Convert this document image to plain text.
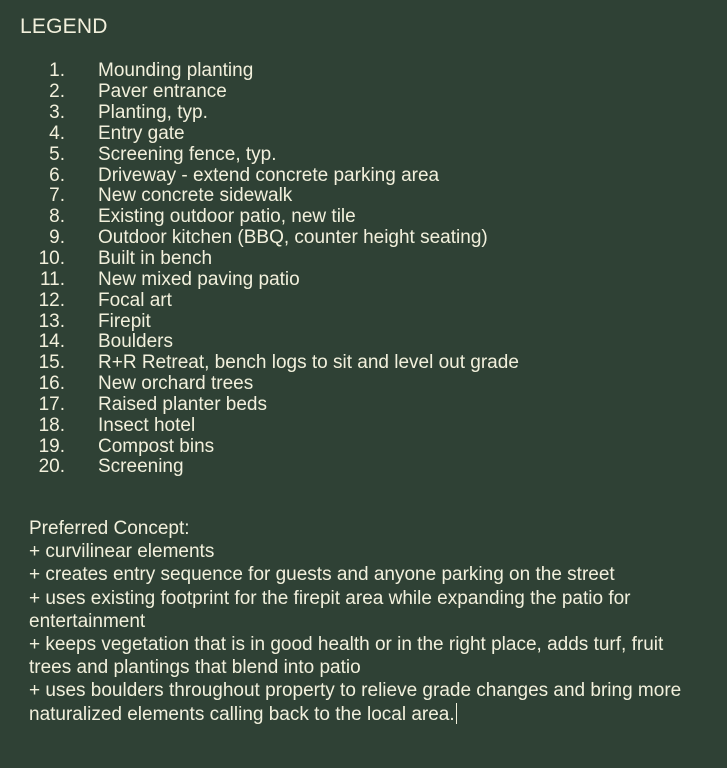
LEGEND
1. Mounding planting
2. Paver entrance
3. Planting, typ.
4. Entry gate
5. Screening fence, typ.
6. Driveway - extend concrete parking area
7. New concrete sidewalk
8. Existing outdoor patio, new tile
9. Outdoor kitchen (BBQ, counter height seating)
10. Built in bench
11. New mixed paving patio
12. Focal art
13. Firepit
14. Boulders
15. R+R Retreat, bench logs to sit and level out grade
16. New orchard trees
17. Raised planter beds
18. Insect hotel
19. Compost bins
20. Screening
Preferred Concept:
+ curvilinear elements
+ creates entry sequence for guests and anyone parking on the street
+ uses existing footprint for the firepit area while expanding the patio for entertainment
+ keeps vegetation that is in good health or in the right place, adds turf, fruit trees and plantings that blend into patio
+ uses boulders throughout property to relieve grade changes and bring more naturalized elements calling back to the local area.
